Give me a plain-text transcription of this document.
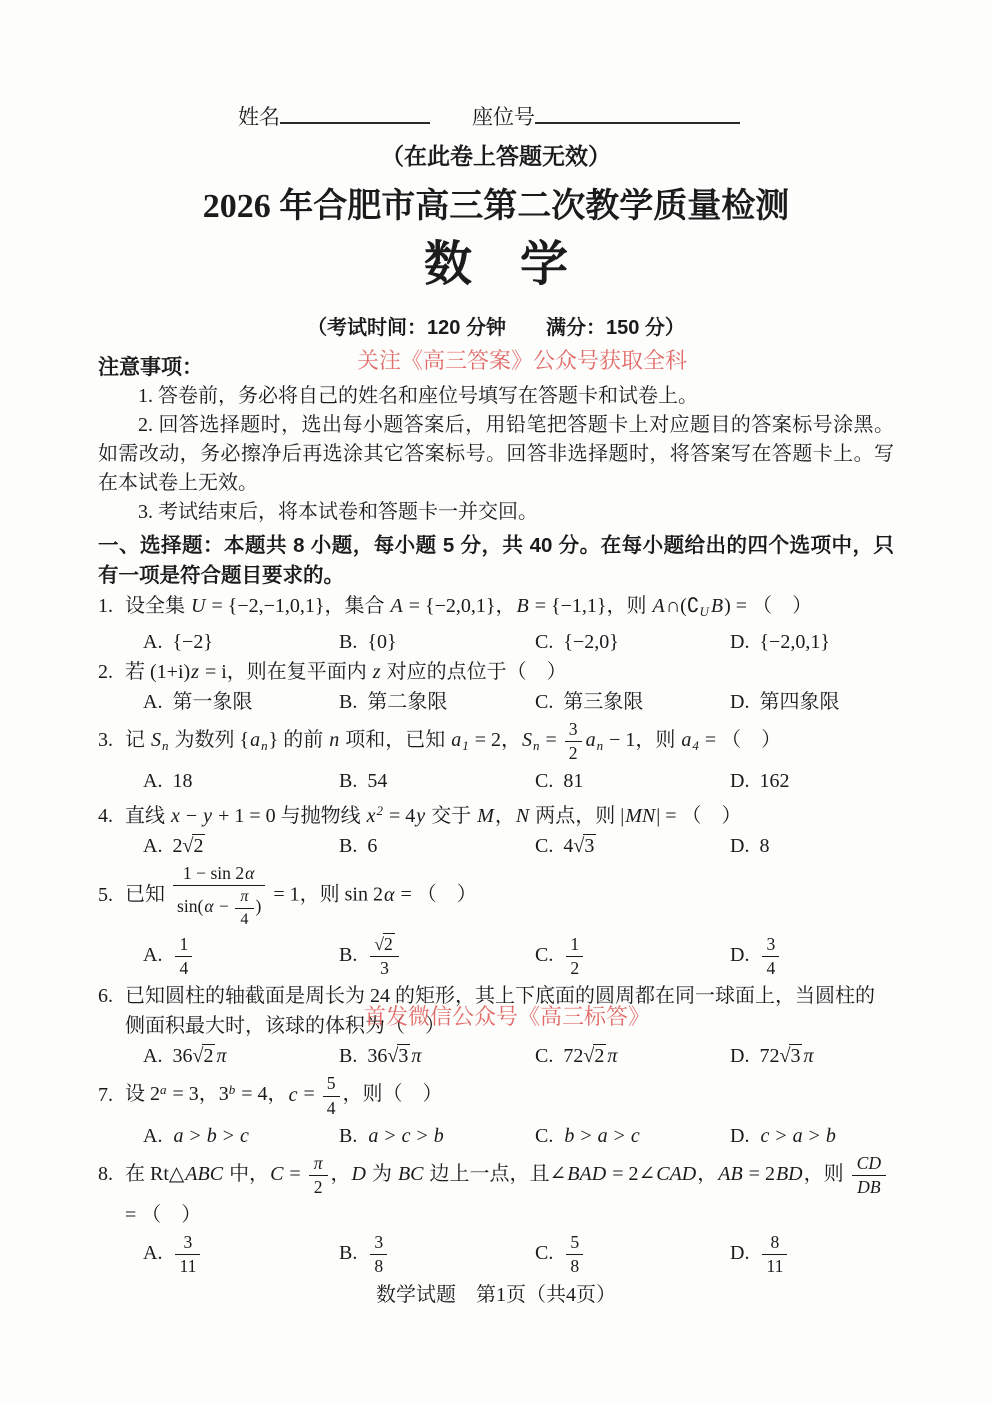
姓名	座位号
（在此卷上答题无效）
2026 年合肥市高三第二次教学质量检测
数　学
（考试时间：120 分钟　　满分：150 分）
注意事项：

1. 答卷前，务必将自己的姓名和座位号填写在答题卡和试卷上。

2. 回答选择题时，选出每小题答案后，用铅笔把答题卡上对应题目的答案标号涂黑。如需改动，务必擦净后再选涂其它答案标号。回答非选择题时，将答案写在答题卡上。写在本试卷上无效。

3. 考试结束后，将本试卷和答题卡一并交回。

一、选择题：本题共 8 小题，每小题 5 分，共 40 分。在每小题给出的四个选项中，只有一项是符合题目要求的。
1. 设全集 U = {−2,−1,0,1}，集合 A = {−2,0,1}，B = {−1,1}，则 $A\cap(∁_U$ B) = （　）
A. {−2}	B. {0}	C. {−2,0}	D. {−2,0,1}
2. 若 (1+i)z = i，则在复平面内 z 对应的点位于（　）
A. 第一象限	B. 第二象限	C. 第三象限	D. 第四象限
3. 记 $S_n$ 为数列 $\{a_n\}$ 的前 n 项和，已知 $a_1 = 2$，$S_n = \frac{3}{2} a_n - 1$，则 $a_4$ = （　）
A. 18	B. 54	C. 81	D. 162
4. 直线 x − y + 1 = 0 与抛物线 $x^2 = 4y$ 交于 M，N 两点，则 |MN| = （　）
A. 2√2	B. 6	C. 4√3	D. 8
5. 已知 $\frac{1 - \sin 2\alpha}{\sin(\alpha - \frac{\pi}{4} )} = 1$，则 sin 2α = （　）
A. $\frac{1}{4}$	B. $\frac{√2}{3}$	C. $\frac{1}{2}$	D. $\frac{3}{4}$
6. 已知圆柱的轴截面是周长为 24 的矩形，其上下底面的圆周都在同一球面上，当圆柱的侧面积最大时，该球的体积为（　）
A. 36√2 π	B. 36√3 π	C. 72√2 π	D. 72√3 π
7. 设 $2^a = 3$，$3^b = 4$，$c = \frac{5}{4}$ ，则（　）
A. a > b > c	B. a > c > b	C. b > a > c	D. c > a > b
8. 在 Rt△ABC 中，$C = \frac{\pi}{2}$ ，D 为 BC 边上一点，且∠BAD = 2∠CAD，AB = 2BD，则 $\frac{CD}{DB}$
= （　）
A. $\frac{3}{11}$	B. $\frac{3}{8}$	C. $\frac{5}{8}$	D. $\frac{8}{11}$
关注《高三答案》公众号获取全科
首发微信公众号《高三标答》
数学试题　第1页（共4页）
